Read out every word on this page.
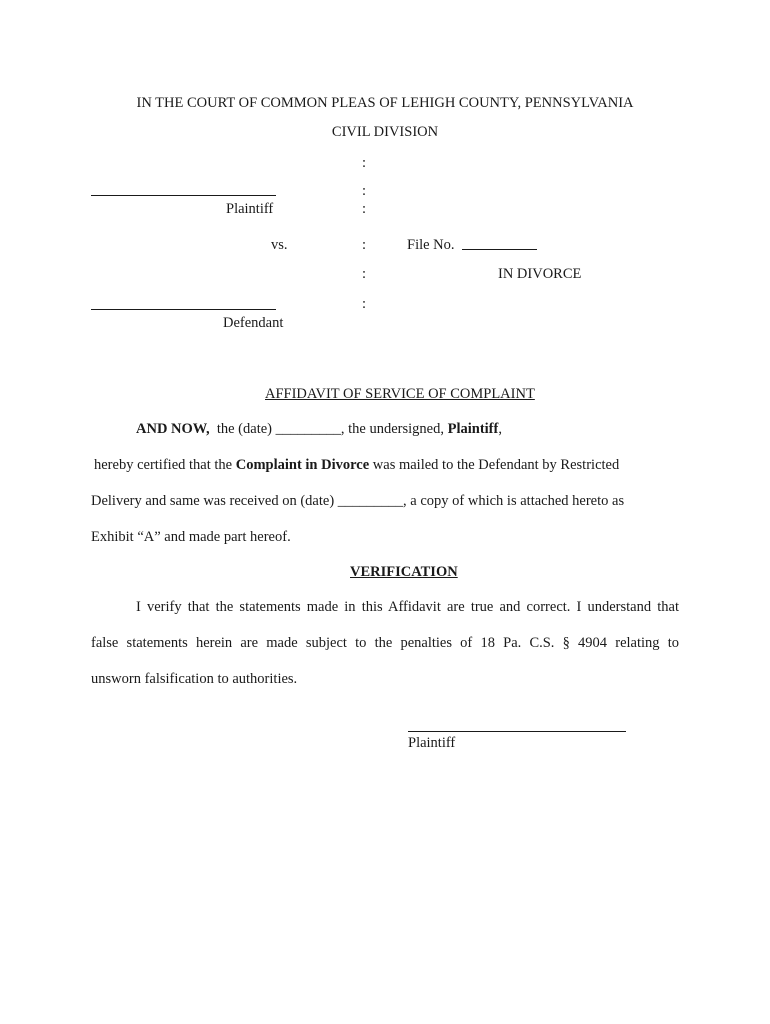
IN THE COURT OF COMMON PLEAS OF LEHIGH COUNTY, PENNSYLVANIA
CIVIL DIVISION
:
:
:
:
:
:
Plaintiff
vs.	File No.
IN DIVORCE
Defendant
AFFIDAVIT OF SERVICE OF COMPLAINT
AND NOW, the (date) _________, the undersigned, Plaintiff,
hereby certified that the Complaint in Divorce was mailed to the Defendant by Restricted
Delivery and same was received on (date) _________, a copy of which is attached hereto as
Exhibit “A” and made part hereof.
VERIFICATION
I verify that the statements made in this Affidavit are true and correct. I understand that
false statements herein are made subject to the penalties of 18 Pa. C.S. § 4904 relating to
unsworn falsification to authorities.
Plaintiff
